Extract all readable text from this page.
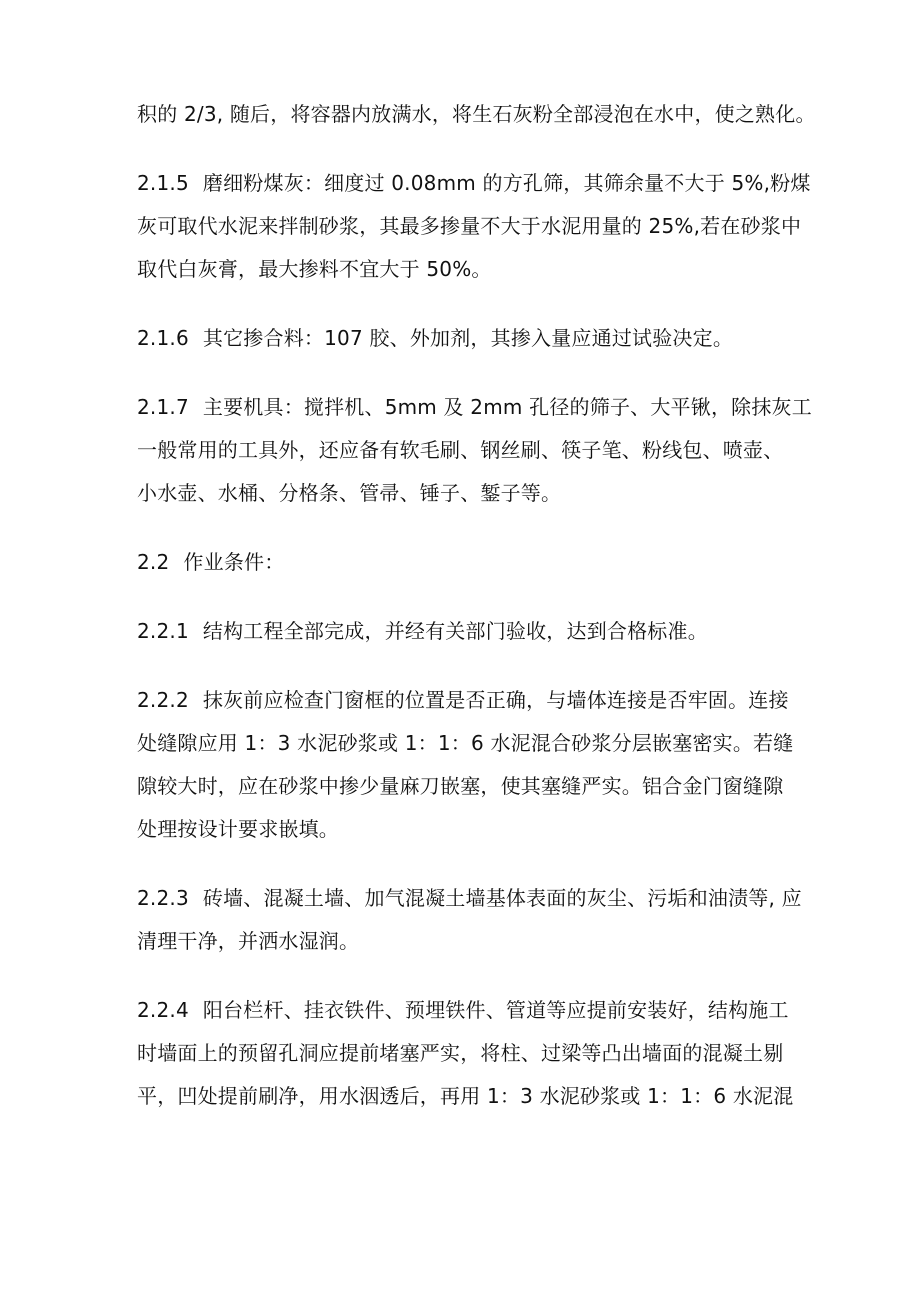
积的 2/3, 随后，将容器内放满水，将生石灰粉全部浸泡在水中，使之熟化。

2.1.5 磨细粉煤灰：细度过 0.08mm 的方孔筛，其筛余量不大于 5%,粉煤
灰可取代水泥来拌制砂浆，其最多掺量不大于水泥用量的 25%,若在砂浆中
取代白灰膏，最大掺料不宜大于 50%。

2.1.6 其它掺合料：107 胶、外加剂，其掺入量应通过试验决定。

2.1.7 主要机具：搅拌机、5mm 及 2mm 孔径的筛子、大平锹，除抹灰工
一般常用的工具外，还应备有软毛刷、钢丝刷、筷子笔、粉线包、喷壶、
小水壶、水桶、分格条、管帚、锤子、錾子等。

2.2 作业条件：

2.2.1 结构工程全部完成，并经有关部门验收，达到合格标准。

2.2.2 抹灰前应检查门窗框的位置是否正确，与墙体连接是否牢固。连接
处缝隙应用 1：3 水泥砂浆或 1：1：6 水泥混合砂浆分层嵌塞密实。若缝
隙较大时，应在砂浆中掺少量麻刀嵌塞，使其塞缝严实。铝合金门窗缝隙
处理按设计要求嵌填。

2.2.3 砖墙、混凝土墙、加气混凝土墙基体表面的灰尘、污垢和油渍等, 应
清理干净，并洒水湿润。

2.2.4 阳台栏杆、挂衣铁件、预埋铁件、管道等应提前安装好，结构施工
时墙面上的预留孔洞应提前堵塞严实，将柱、过梁等凸出墙面的混凝土剔
平，凹处提前刷净，用水洇透后，再用 1：3 水泥砂浆或 1：1：6 水泥混
